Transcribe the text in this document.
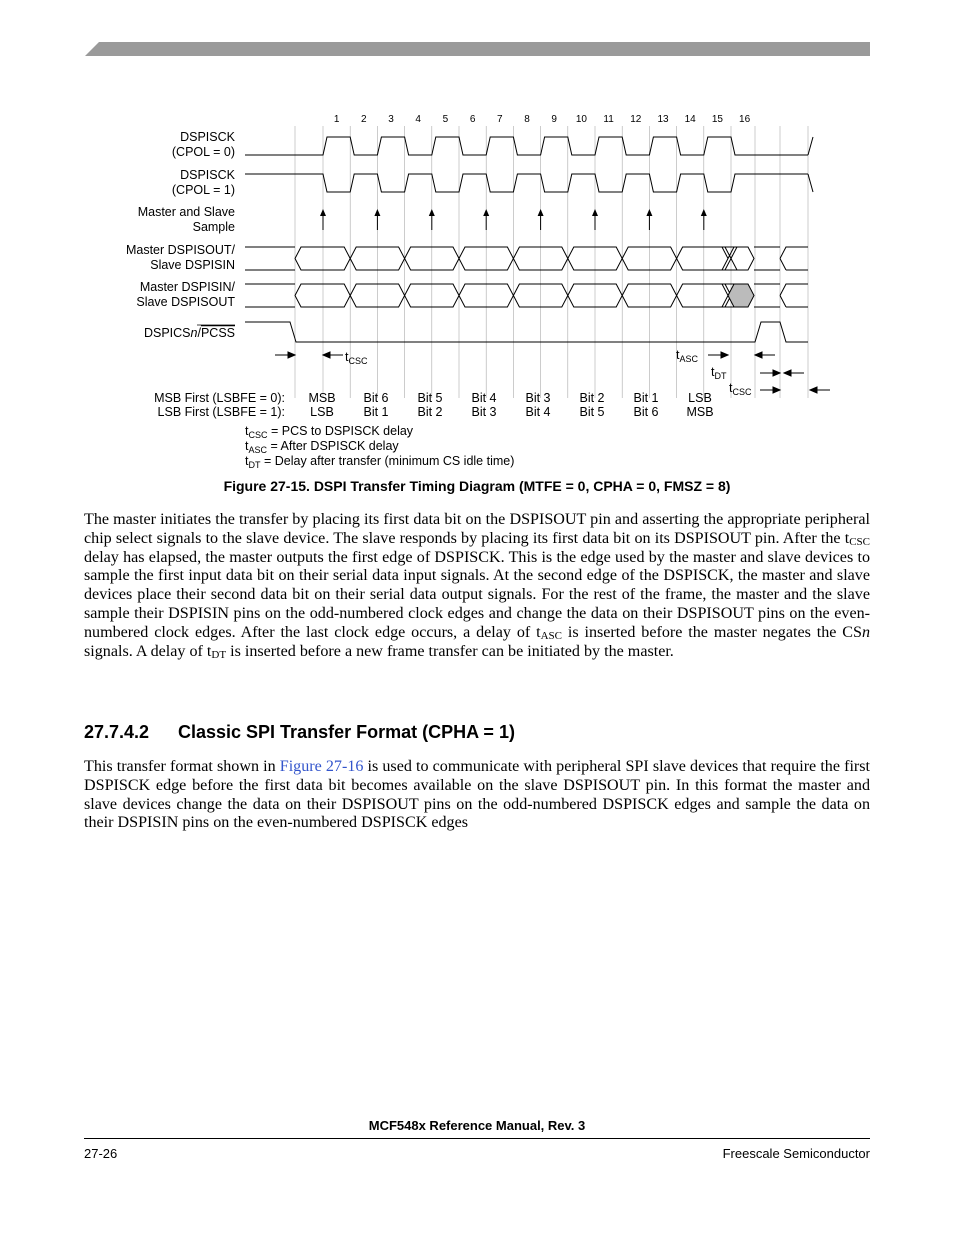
1 2 3 4 5 6 7 8 9 10 11 12 13 14 15 16
DSPISCK
(CPOL = 0)
DSPISCK
(CPOL = 1)
Master and Slave
Sample
Master DSPISOUT/
Slave DSPISIN
Master DSPISIN/
Slave DSPISOUT
DSPICSn/PCSS
$t_{CSC}$	$t_{ASC}$
$t_{DT}$
$t_{CSC}$
MSB First (LSBFE = 0):
LSB First (LSBFE = 1):
MSB Bit 6 Bit 5 Bit 4 Bit 3 Bit 2 Bit 1 LSB
LSB Bit 1 Bit 2 Bit 3 Bit 4 Bit 5 Bit 6 MSB
$t_{CSC}$ = PCS to DSPISCK delay
$t_{ASC}$ = After DSPISCK delay
$t_{DT}$ = Delay after transfer (minimum CS idle time)
Figure 27-15. DSPI Transfer Timing Diagram (MTFE = 0, CPHA = 0, FMSZ = 8)
The master initiates the transfer by placing its first data bit on the DSPISOUT pin and asserting the appropriate peripheral chip select signals to the slave device. The slave responds by placing its first data bit on its DSPISOUT pin. After the $t_{CSC}$ delay has elapsed, the master outputs the first edge of DSPISCK. This is the edge used by the master and slave devices to sample the first input data bit on their serial data input signals. At the second edge of the DSPISCK, the master and slave devices place their second data bit on their serial data output signals. For the rest of the frame, the master and the slave sample their DSPISIN pins on the odd-numbered clock edges and change the data on their DSPISOUT pins on the even-numbered clock edges. After the last clock edge occurs, a delay of $t_{ASC}$ is inserted before the master negates the CSn signals. A delay of $t_{DT}$ is inserted before a new frame transfer can be initiated by the master.
27.7.4.2 Classic SPI Transfer Format (CPHA = 1)
This transfer format shown in Figure 27-16 is used to communicate with peripheral SPI slave devices that require the first DSPISCK edge before the first data bit becomes available on the slave DSPISOUT pin. In this format the master and slave devices change the data on their DSPISOUT pins on the odd-numbered DSPISCK edges and sample the data on their DSPISIN pins on the even-numbered DSPISCK edges
MCF548x Reference Manual, Rev. 3
27-26	Freescale Semiconductor
